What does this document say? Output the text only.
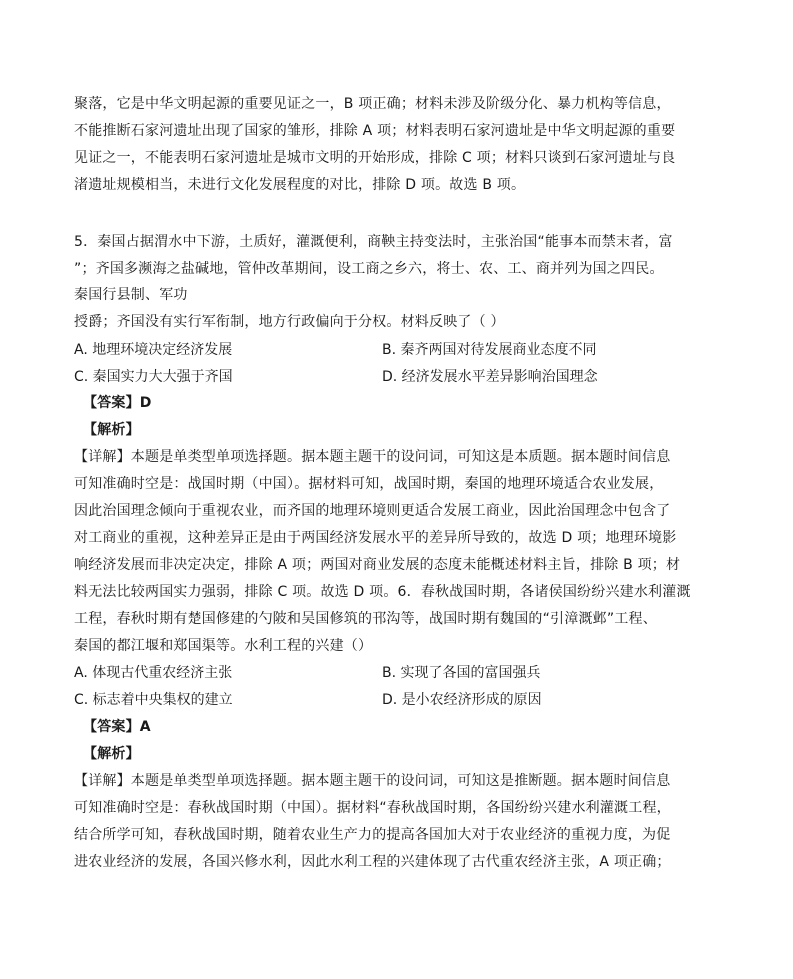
聚落，它是中华文明起源的重要见证之一，B 项正确；材料未涉及阶级分化、暴力机构等信息，
不能推断石家河遗址出现了国家的雏形，排除 A 项；材料表明石家河遗址是中华文明起源的重要
见证之一，不能表明石家河遗址是城市文明的开始形成，排除 C 项；材料只谈到石家河遗址与良
渚遗址规模相当，未进行文化发展程度的对比，排除 D 项。故选 B 项。
5．秦国占据渭水中下游，土质好，灌溉便利，商鞅主持变法时，主张治国“能事本而禁末者，富
”；齐国多濒海之盐碱地，管仲改革期间，设工商之乡六，将士、农、工、商并列为国之四民。
秦国行县制、军功
授爵；齐国没有实行军衔制，地方行政偏向于分权。材料反映了（ ）
A. 地理环境决定经济发展	B. 秦齐两国对待发展商业态度不同
C. 秦国实力大大强于齐国	D. 经济发展水平差异影响治国理念
【答案】D
【解析】
【详解】本题是单类型单项选择题。据本题主题干的设问词，可知这是本质题。据本题时间信息
可知准确时空是：战国时期（中国）。据材料可知，战国时期，秦国的地理环境适合农业发展，
因此治国理念倾向于重视农业，而齐国的地理环境则更适合发展工商业，因此治国理念中包含了
对工商业的重视，这种差异正是由于两国经济发展水平的差异所导致的，故选 D 项；地理环境影
响经济发展而非决定决定，排除 A 项；两国对商业发展的态度未能概述材料主旨，排除 B 项；材
料无法比较两国实力强弱，排除 C 项。故选 D 项。6．春秋战国时期，各诸侯国纷纷兴建水利灌溉
工程，春秋时期有楚国修建的勺陂和吴国修筑的邗沟等，战国时期有魏国的“引漳溉邺”工程、
秦国的都江堰和郑国渠等。水利工程的兴建（）
A. 体现古代重农经济主张	B. 实现了各国的富国强兵
C. 标志着中央集权的建立	D. 是小农经济形成的原因
【答案】A
【解析】
【详解】本题是单类型单项选择题。据本题主题干的设问词，可知这是推断题。据本题时间信息
可知准确时空是：春秋战国时期（中国）。据材料“春秋战国时期，各国纷纷兴建水利灌溉工程，
结合所学可知，春秋战国时期，随着农业生产力的提高各国加大对于农业经济的重视力度，为促
进农业经济的发展，各国兴修水利，因此水利工程的兴建体现了古代重农经济主张，A 项正确；
